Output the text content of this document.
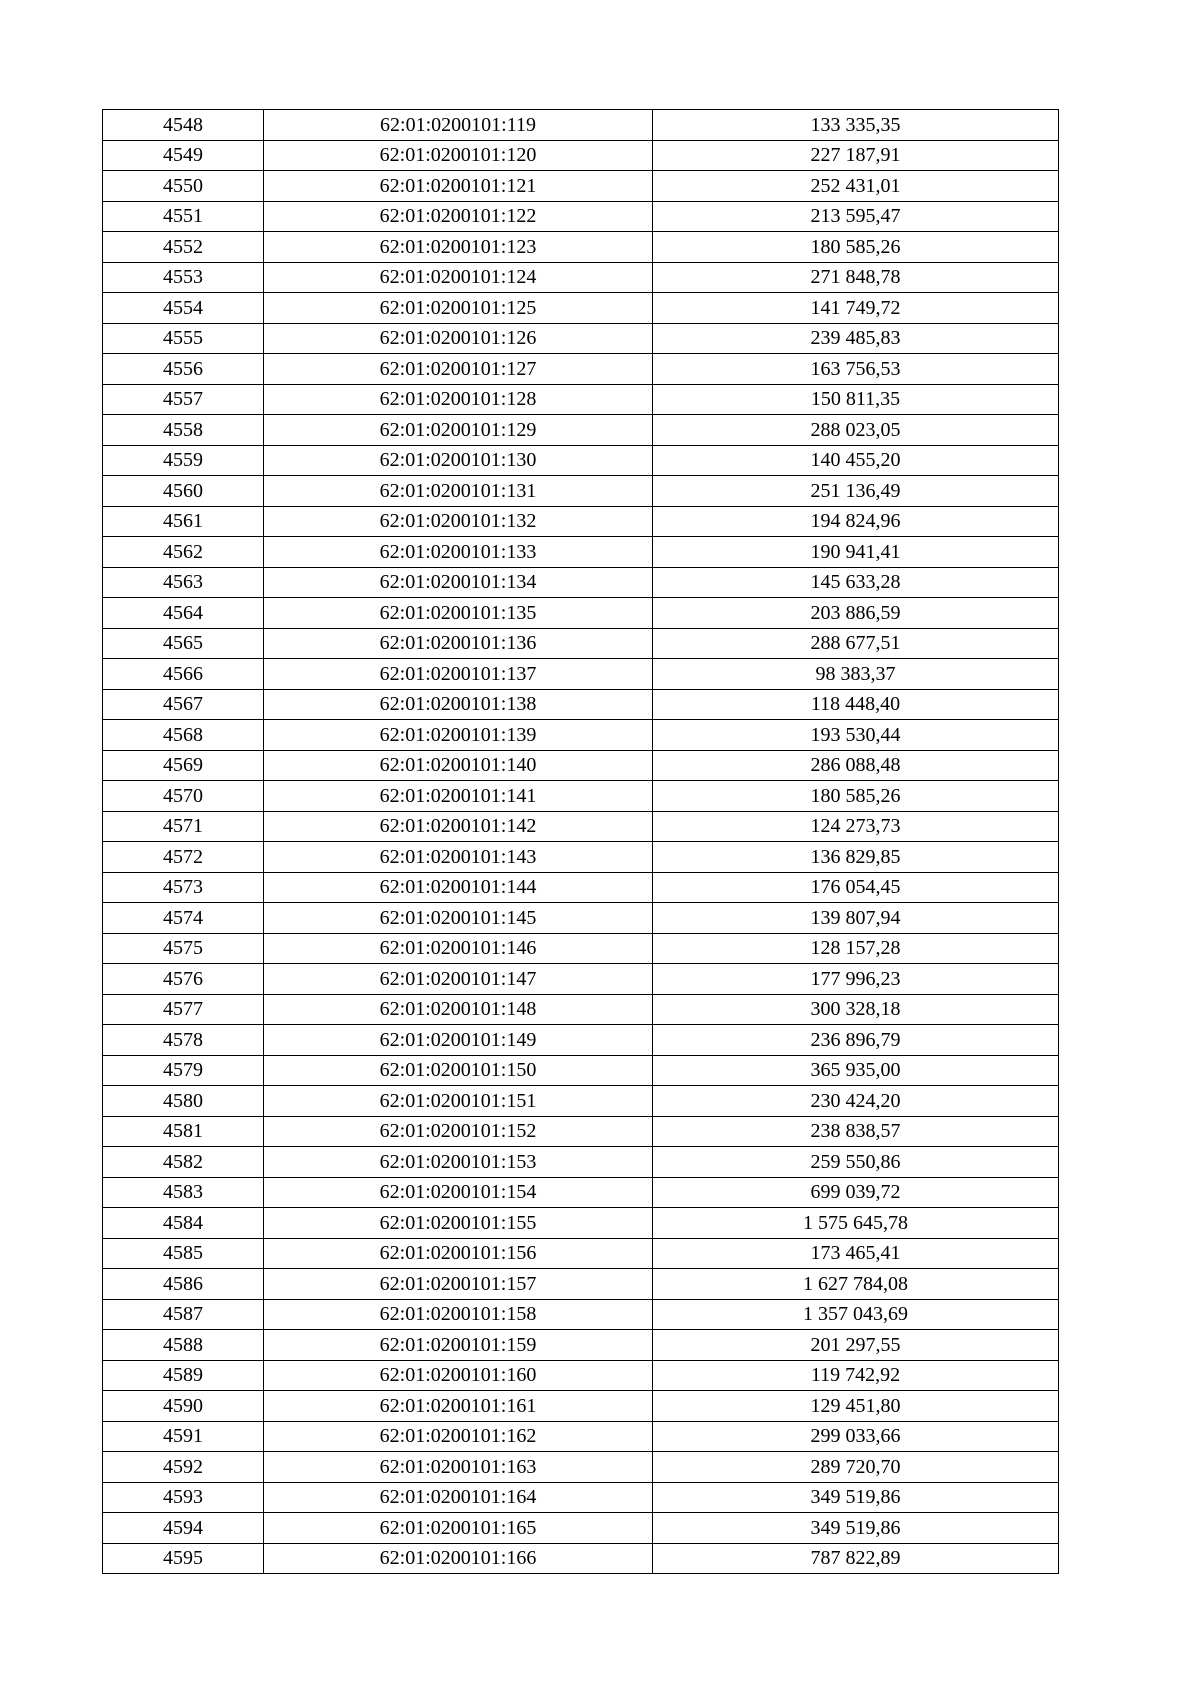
4548	62:01:0200101:119	133 335,35
4549	62:01:0200101:120	227 187,91
4550	62:01:0200101:121	252 431,01
4551	62:01:0200101:122	213 595,47
4552	62:01:0200101:123	180 585,26
4553	62:01:0200101:124	271 848,78
4554	62:01:0200101:125	141 749,72
4555	62:01:0200101:126	239 485,83
4556	62:01:0200101:127	163 756,53
4557	62:01:0200101:128	150 811,35
4558	62:01:0200101:129	288 023,05
4559	62:01:0200101:130	140 455,20
4560	62:01:0200101:131	251 136,49
4561	62:01:0200101:132	194 824,96
4562	62:01:0200101:133	190 941,41
4563	62:01:0200101:134	145 633,28
4564	62:01:0200101:135	203 886,59
4565	62:01:0200101:136	288 677,51
4566	62:01:0200101:137	98 383,37
4567	62:01:0200101:138	118 448,40
4568	62:01:0200101:139	193 530,44
4569	62:01:0200101:140	286 088,48
4570	62:01:0200101:141	180 585,26
4571	62:01:0200101:142	124 273,73
4572	62:01:0200101:143	136 829,85
4573	62:01:0200101:144	176 054,45
4574	62:01:0200101:145	139 807,94
4575	62:01:0200101:146	128 157,28
4576	62:01:0200101:147	177 996,23
4577	62:01:0200101:148	300 328,18
4578	62:01:0200101:149	236 896,79
4579	62:01:0200101:150	365 935,00
4580	62:01:0200101:151	230 424,20
4581	62:01:0200101:152	238 838,57
4582	62:01:0200101:153	259 550,86
4583	62:01:0200101:154	699 039,72
4584	62:01:0200101:155	1 575 645,78
4585	62:01:0200101:156	173 465,41
4586	62:01:0200101:157	1 627 784,08
4587	62:01:0200101:158	1 357 043,69
4588	62:01:0200101:159	201 297,55
4589	62:01:0200101:160	119 742,92
4590	62:01:0200101:161	129 451,80
4591	62:01:0200101:162	299 033,66
4592	62:01:0200101:163	289 720,70
4593	62:01:0200101:164	349 519,86
4594	62:01:0200101:165	349 519,86
4595	62:01:0200101:166	787 822,89
